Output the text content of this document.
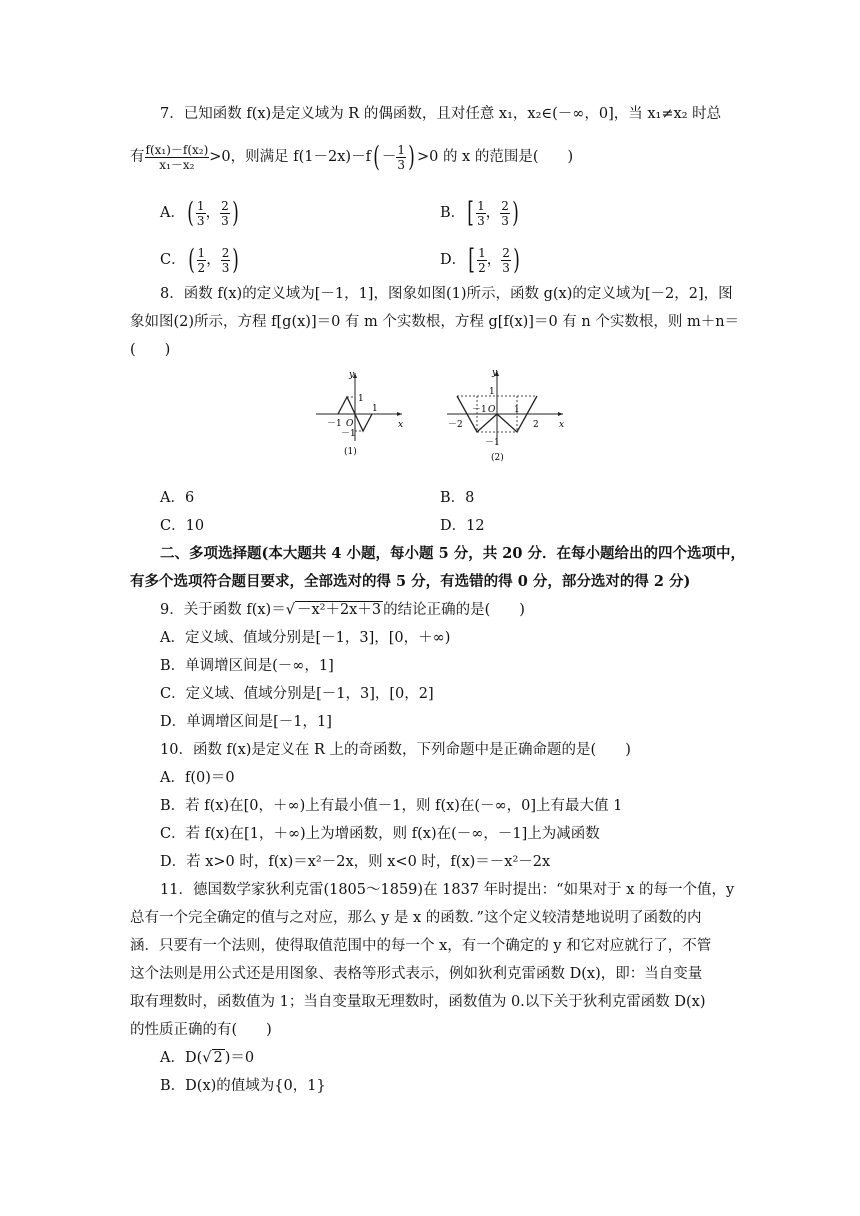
7．已知函数 f(x)是定义域为 R 的偶函数，且对任意 x₁，x₂∈(－∞，0]，当 x₁≠x₂ 时总
有 $\frac{\text{f(x₁)－f(x₂)}}{\text{x₁－x₂}} >0$，则满足 $f(1-2x)-f( - \frac{1}{3}$ ) >0 的 x 的范围是(　　)
A．( $\frac{1}{3}$ ， $\frac{2}{3}$ )	B．[ $\frac{1}{3}$ ， $\frac{2}{3}$ )
C．( $\frac{1}{2}$ ， $\frac{2}{3}$ )	D．[ $\frac{1}{2}$ ， $\frac{2}{3}$ )
8．函数 f(x)的定义域为[－1，1]，图象如图(1)所示，函数 g(x)的定义域为[－2，2]，图
象如图(2)所示，方程 f[g(x)]＝0 有 m 个实数根，方程 g[f(x)]＝0 有 n 个实数根，则 m＋n＝
(　　)
y
x
1
1
－1 O
－1
(1)
y
x
1
－1 O 1
－2	2
－1
(2)
A．6	B．8
C．10	D．12
二、多项选择题(本大题共 4 小题，每小题 5 分，共 20 分．在每小题给出的四个选项中，
有多个选项符合题目要求，全部选对的得 5 分，有选错的得 0 分，部分选对的得 2 分)
9．关于函数 f(x)＝√ －x²＋2x＋3 的结论正确的是(　　)
A．定义域、值域分别是[－1，3]，[0，＋∞)
B．单调增区间是(－∞，1]
C．定义域、值域分别是[－1，3]，[0，2]
D．单调增区间是[－1，1]
10．函数 f(x)是定义在 R 上的奇函数，下列命题中是正确命题的是(　　)
A．f(0)＝0
B．若 f(x)在[0，＋∞)上有最小值－1，则 f(x)在(－∞，0]上有最大值 1
C．若 f(x)在[1，＋∞)上为增函数，则 f(x)在(－∞，－1]上为减函数
D．若 x>0 时，f(x)＝x²－2x，则 x<0 时，f(x)＝－x²－2x
11．德国数学家狄利克雷(1805～1859)在 1837 年时提出：“如果对于 x 的每一个值，y
总有一个完全确定的值与之对应，那么 y 是 x 的函数．”这个定义较清楚地说明了函数的内
涵．只要有一个法则，使得取值范围中的每一个 x，有一个确定的 y 和它对应就行了，不管
这个法则是用公式还是用图象、表格等形式表示，例如狄利克雷函数 D(x)，即：当自变量
取有理数时，函数值为 1；当自变量取无理数时，函数值为 0.以下关于狄利克雷函数 D(x)
的性质正确的有(　　)
A．D(√ 2 )＝0
B．D(x)的值域为{0，1}
